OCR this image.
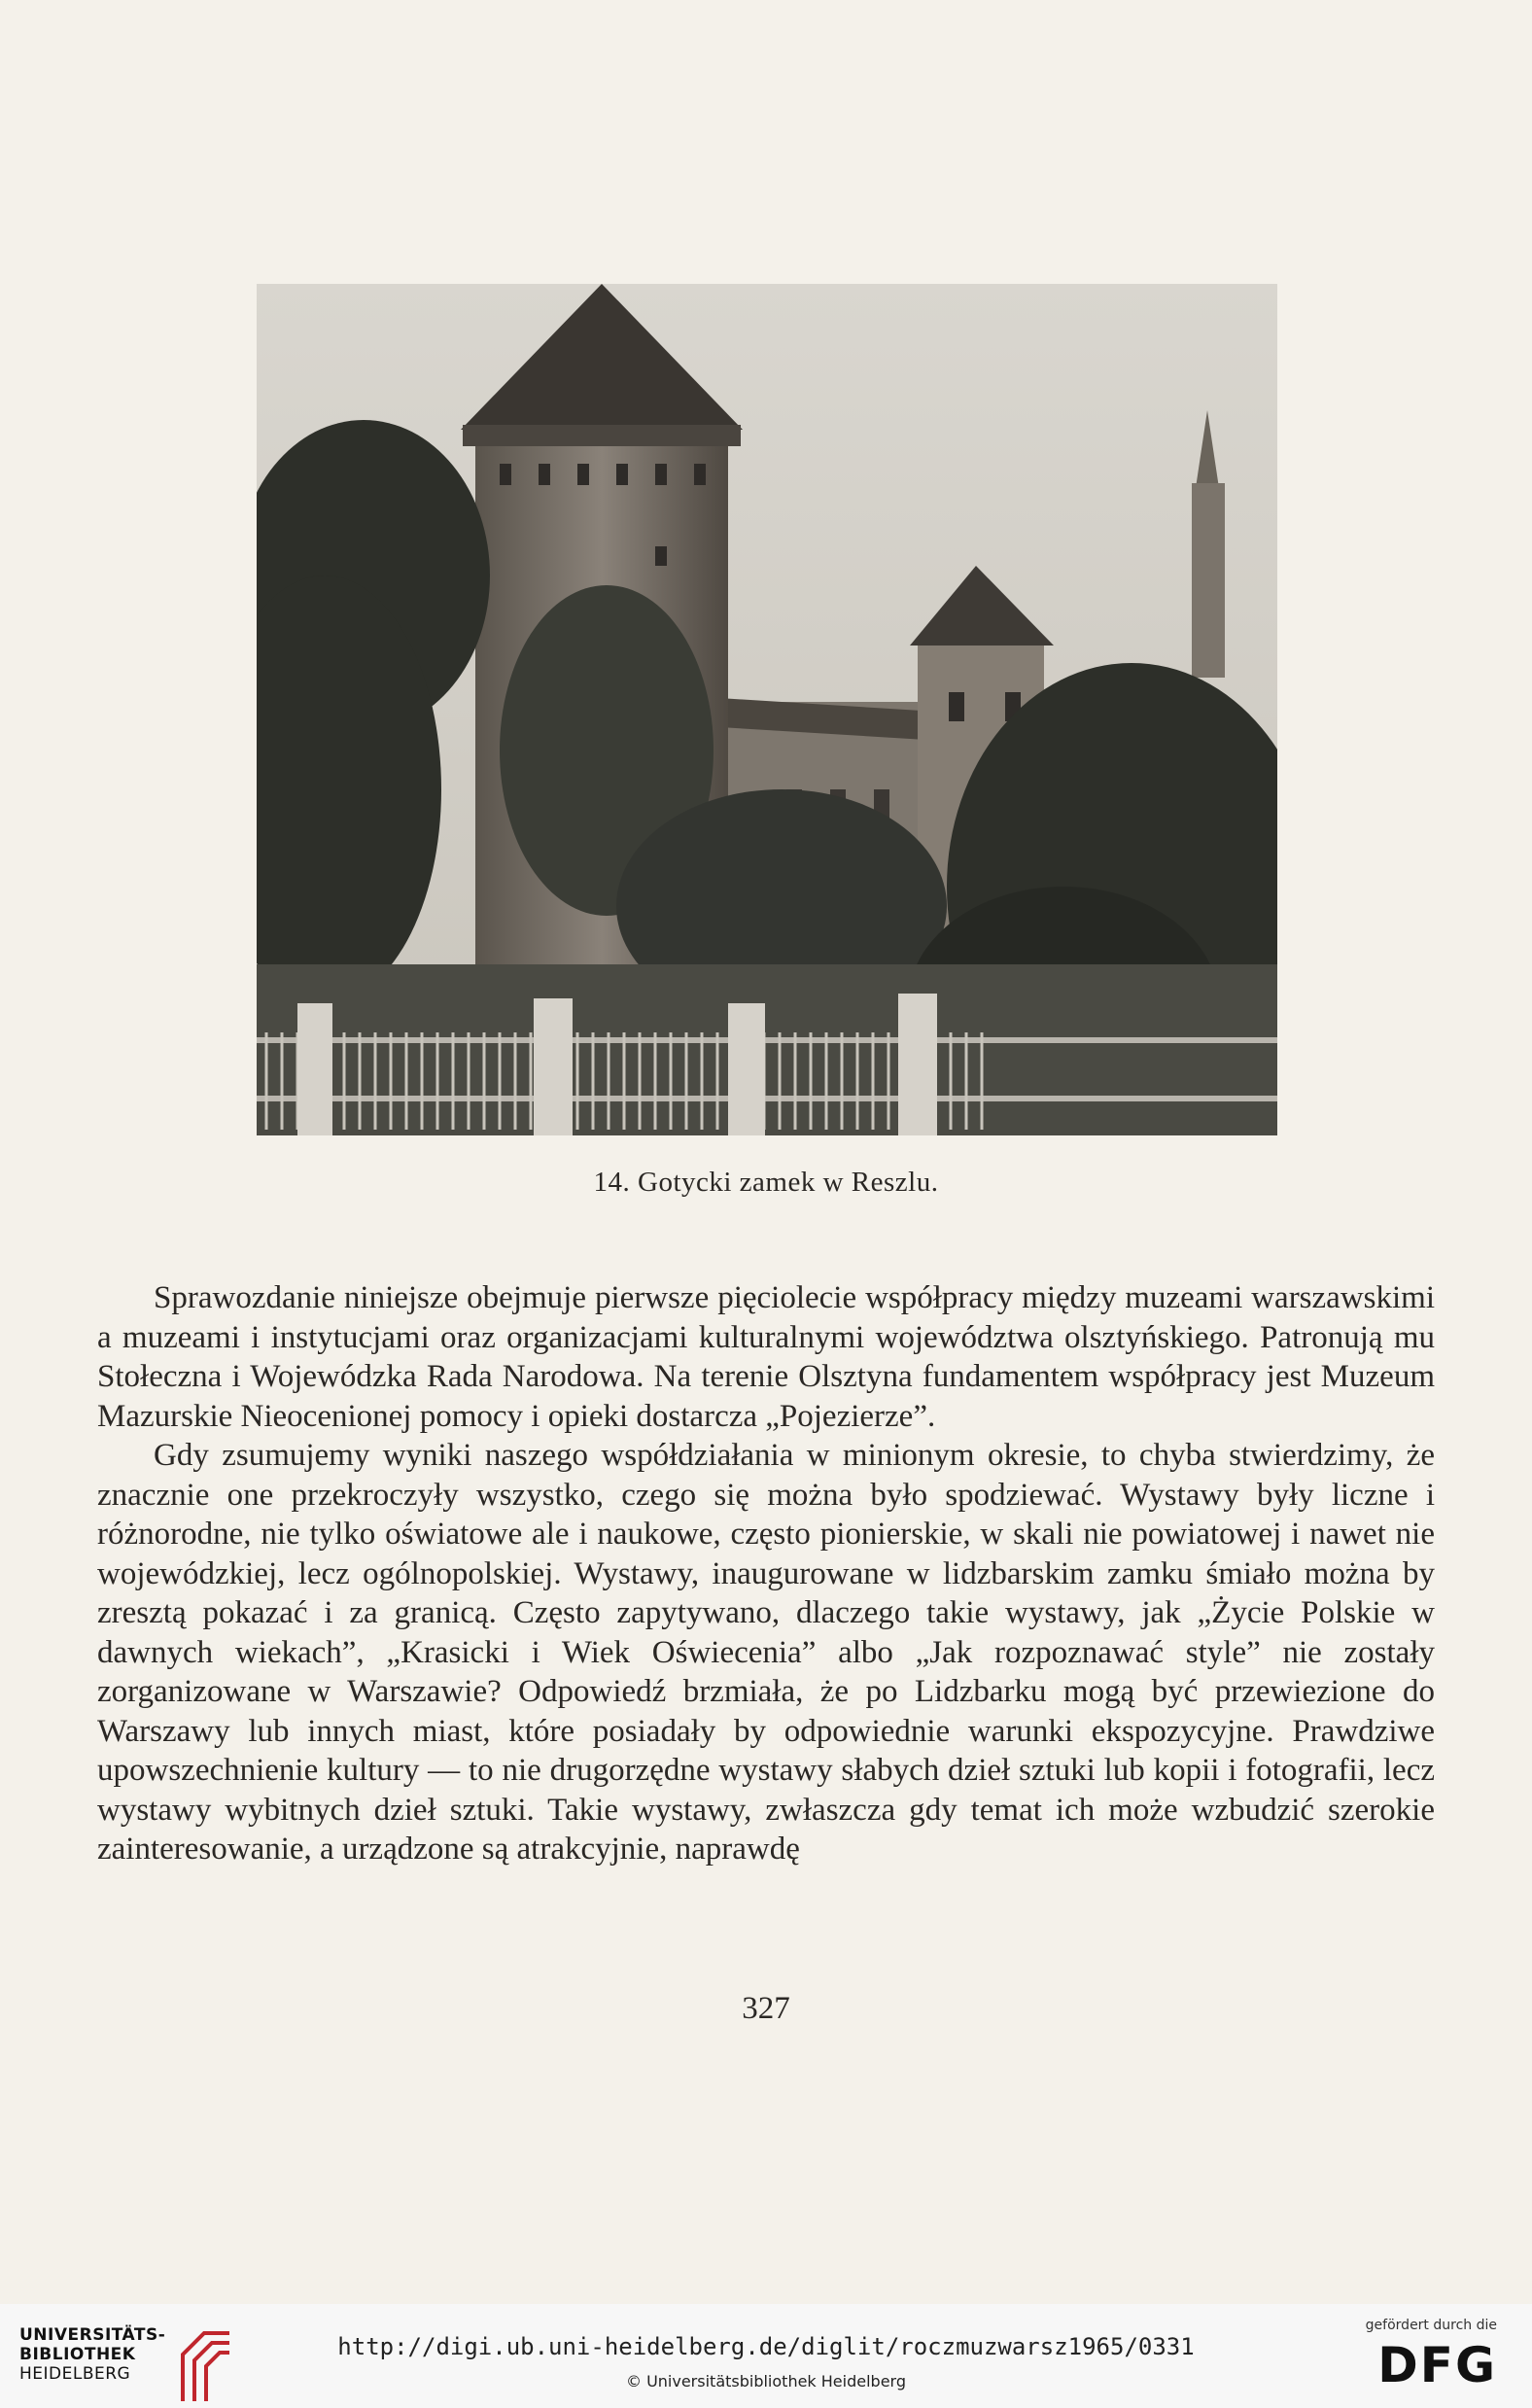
14. Gotycki zamek w Reszlu.

Sprawozdanie niniejsze obejmuje pierwsze pięciolecie współpracy między muzeami warszawskimi a muzeami i instytucjami oraz organizacjami kulturalnymi województwa olsztyńskiego. Patronują mu Stołeczna i Wojewódzka Rada Narodowa. Na terenie Olsztyna fundamentem współpracy jest Muzeum Mazurskie Nieocenionej pomocy i opieki dostarcza „Pojezierze”.

Gdy zsumujemy wyniki naszego współdziałania w minionym okresie, to chyba stwierdzimy, że znacznie one przekroczyły wszystko, czego się można było spodziewać. Wystawy były liczne i różnorodne, nie tylko oświatowe ale i naukowe, często pionierskie, w skali nie powiatowej i nawet nie wojewódzkiej, lecz ogólnopolskiej. Wystawy, inaugurowane w lidzbarskim zamku śmiało można by zresztą pokazać i za granicą. Często zapytywano, dlaczego takie wystawy, jak „Życie Polskie w dawnych wiekach”, „Krasicki i Wiek Oświecenia” albo „Jak rozpoznawać style” nie zostały zorganizowane w Warszawie? Odpowiedź brzmiała, że po Lidzbarku mogą być przewiezione do Warszawy lub innych miast, które posiadały by odpowiednie warunki ekspozycyjne. Prawdziwe upowszechnienie kultury — to nie drugorzędne wystawy słabych dzieł sztuki lub kopii i fotografii, lecz wystawy wybitnych dzieł sztuki. Takie wystawy, zwłaszcza gdy temat ich może wzbudzić szerokie zainteresowanie, a urządzone są atrakcyjnie, naprawdę

327
UNIVERSITÄTS-
BIBLIOTHEK
HEIDELBERG
http://digi.ub.uni-heidelberg.de/diglit/roczmuzwarsz1965/0331
© Universitätsbibliothek Heidelberg
gefördert durch die
DFG
